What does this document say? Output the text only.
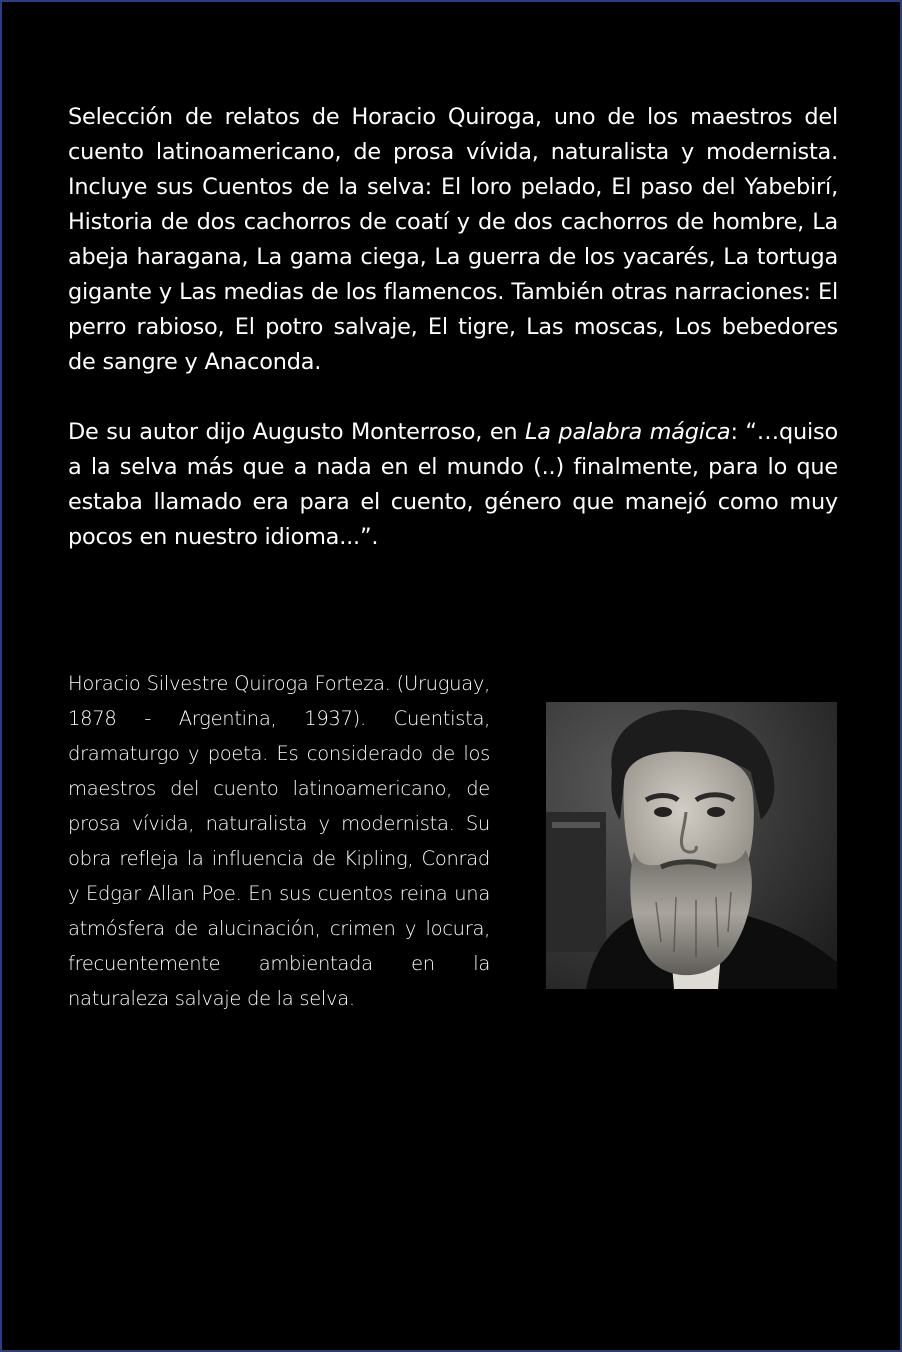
Selección de relatos de Horacio Quiroga, uno de los maestros del cuento latinoamericano, de prosa vívida, naturalista y modernista. Incluye sus Cuentos de la selva: El loro pelado, El paso del Yabebirí, Historia de dos cachorros de coatí y de dos cachorros de hombre, La abeja haragana, La gama ciega, La guerra de los yacarés, La tortuga gigante y Las medias de los flamencos. También otras narraciones: El perro rabioso, El potro salvaje, El tigre, Las moscas, Los bebedores de sangre y Anaconda.

De su autor dijo Augusto Monterroso, en La palabra mágica: “…quiso a la selva más que a nada en el mundo (..) finalmente, para lo que estaba llamado era para el cuento, género que manejó como muy pocos en nuestro idioma...”.

Horacio Silvestre Quiroga Forteza. (Uruguay, 1878 - Argentina, 1937). Cuentista, dramaturgo y poeta. Es considerado de los maestros del cuento latinoamericano, de prosa vívida, naturalista y modernista. Su obra refleja la influencia de Kipling, Conrad y Edgar Allan Poe. En sus cuentos reina una atmósfera de alucinación, crimen y locura, frecuentemente ambientada en la naturaleza salvaje de la selva.
